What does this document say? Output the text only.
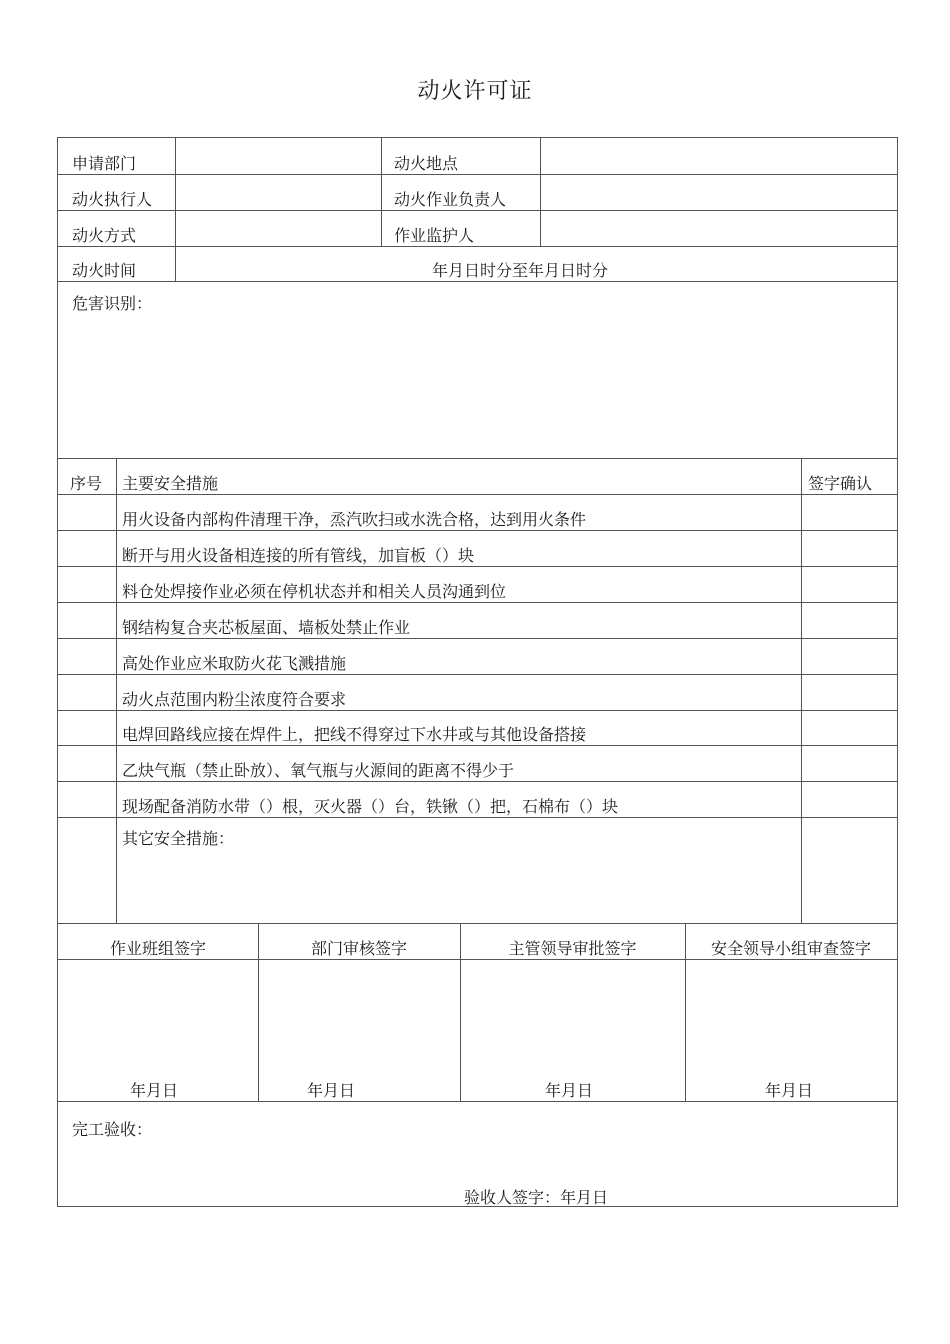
动火许可证
申请部门	动火地点
动火执行人	动火作业负责人
动火方式	作业监护人
动火时间	年月日时分至年月日时分
危害识别：
序号 主要安全措施	签字确认
用火设备内部构件清理干净，烝汽吹扫或水洗合格，达到用火条件
断开与用火设备相连接的所有管线，加盲板（）块
料仓处焊接作业必须在停机状态并和相关人员沟通到位
钢结构复合夹芯板屋面、墙板处禁止作业
高处作业应米取防火花飞溅措施
动火点范围内粉尘浓度符合要求
电焊回路线应接在焊件上，把线不得穿过下水井或与其他设备搭接
乙炔气瓶（禁止卧放）、氧气瓶与火源间的距离不得少于
现场配备消防水带（）根，灭火器（）台，铁锹（）把，石棉布（）块
其它安全措施：
作业班组签字	部门审核签字	主管领导审批签字	安全领导小组审查签字
年月日	年月日	年月日	年月日
完工验收：
验收人签字：年月日
